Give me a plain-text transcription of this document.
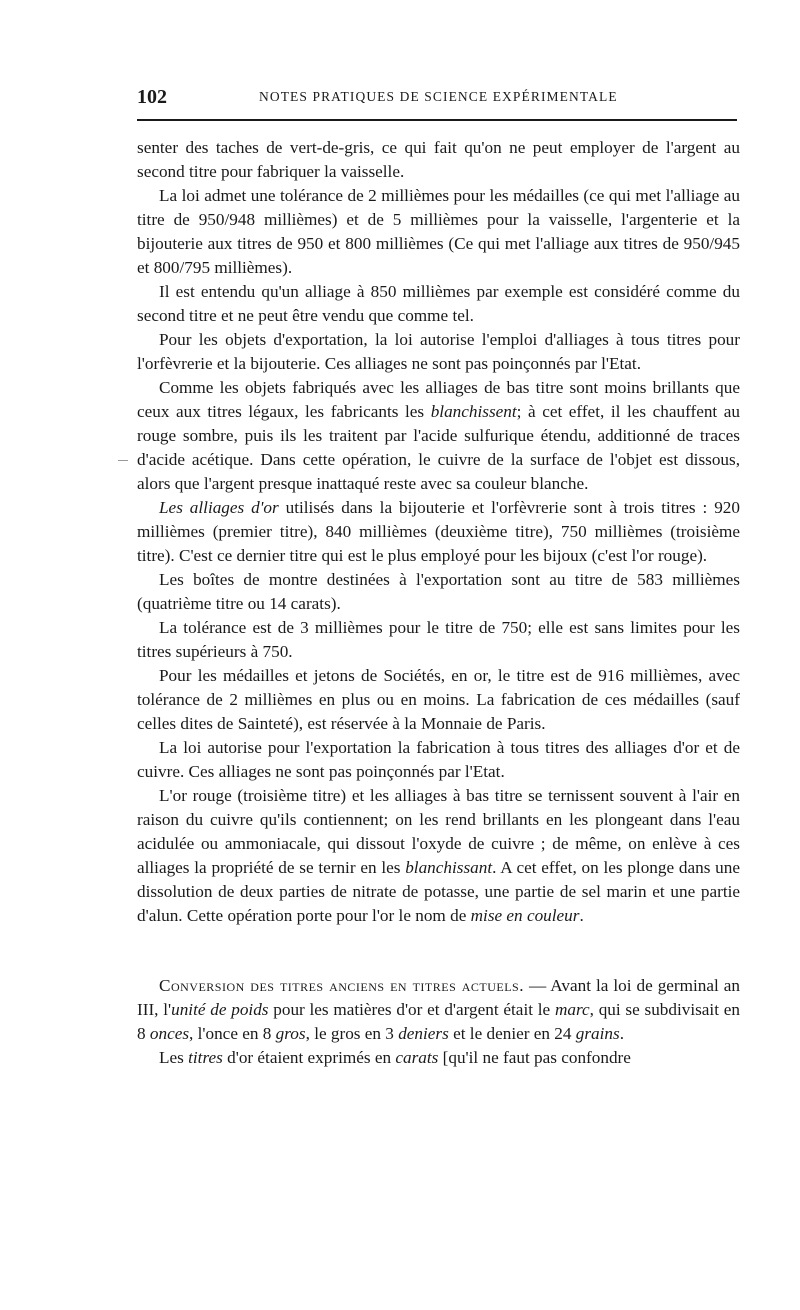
102	NOTES PRATIQUES DE SCIENCE EXPÉRIMENTALE

senter des taches de vert-de-gris, ce qui fait qu'on ne peut employer de l'argent au second titre pour fabriquer la vaisselle.

La loi admet une tolérance de 2 millièmes pour les médailles (ce qui met l'alliage au titre de 950/948 millièmes) et de 5 millièmes pour la vaisselle, l'argenterie et la bijouterie aux titres de 950 et 800 millièmes (Ce qui met l'alliage aux titres de 950/945 et 800/795 millièmes).

Il est entendu qu'un alliage à 850 millièmes par exemple est considéré comme du second titre et ne peut être vendu que comme tel.

Pour les objets d'exportation, la loi autorise l'emploi d'alliages à tous titres pour l'orfèvrerie et la bijouterie. Ces alliages ne sont pas poinçonnés par l'Etat.

Comme les objets fabriqués avec les alliages de bas titre sont moins brillants que ceux aux titres légaux, les fabricants les blanchissent; à cet effet, il les chauffent au rouge sombre, puis ils les traitent par l'acide sulfurique étendu, additionné de traces d'acide acétique. Dans cette opération, le cuivre de la surface de l'objet est dissous, alors que l'argent presque inattaqué reste avec sa couleur blanche.

Les alliages d'or utilisés dans la bijouterie et l'orfèvrerie sont à trois titres : 920 millièmes (premier titre), 840 millièmes (deuxième titre), 750 millièmes (troisième titre). C'est ce dernier titre qui est le plus employé pour les bijoux (c'est l'or rouge).

Les boîtes de montre destinées à l'exportation sont au titre de 583 millièmes (quatrième titre ou 14 carats).

La tolérance est de 3 millièmes pour le titre de 750; elle est sans limites pour les titres supérieurs à 750.

Pour les médailles et jetons de Sociétés, en or, le titre est de 916 millièmes, avec tolérance de 2 millièmes en plus ou en moins. La fabrication de ces médailles (sauf celles dites de Sainteté), est réservée à la Monnaie de Paris.

La loi autorise pour l'exportation la fabrication à tous titres des alliages d'or et de cuivre. Ces alliages ne sont pas poinçonnés par l'Etat.

L'or rouge (troisième titre) et les alliages à bas titre se ternissent souvent à l'air en raison du cuivre qu'ils contiennent; on les rend brillants en les plongeant dans l'eau acidulée ou ammoniacale, qui dissout l'oxyde de cuivre ; de même, on enlève à ces alliages la propriété de se ternir en les blanchissant. A cet effet, on les plonge dans une dissolution de deux parties de nitrate de potasse, une partie de sel marin et une partie d'alun. Cette opération porte pour l'or le nom de mise en couleur.

Conversion des titres anciens en titres actuels. — Avant la loi de germinal an III, l'unité de poids pour les matières d'or et d'argent était le marc, qui se subdivisait en 8 onces, l'once en 8 gros, le gros en 3 deniers et le denier en 24 grains.

Les titres d'or étaient exprimés en carats [qu'il ne faut pas confondre
